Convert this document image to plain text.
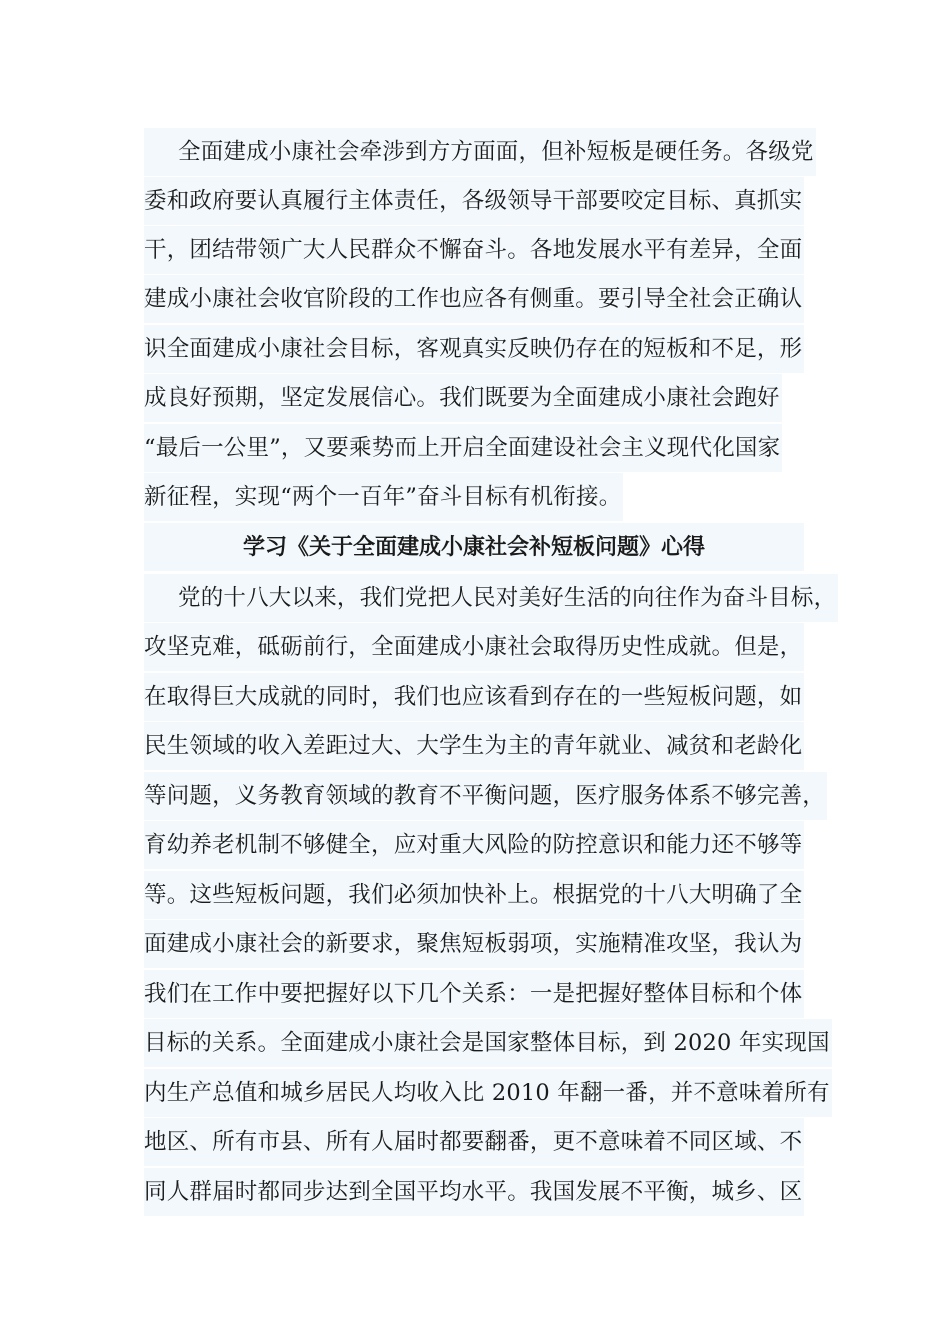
全面建成小康社会牵涉到方方面面，但补短板是硬任务。各级党
委和政府要认真履行主体责任，各级领导干部要咬定目标、真抓实
干，团结带领广大人民群众不懈奋斗。各地发展水平有差异，全面
建成小康社会收官阶段的工作也应各有侧重。要引导全社会正确认
识全面建成小康社会目标，客观真实反映仍存在的短板和不足，形
成良好预期，坚定发展信心。我们既要为全面建成小康社会跑好
“最后一公里”，又要乘势而上开启全面建设社会主义现代化国家
新征程，实现“两个一百年”奋斗目标有机衔接。
学习《关于全面建成小康社会补短板问题》心得
党的十八大以来，我们党把人民对美好生活的向往作为奋斗目标，
攻坚克难，砥砺前行，全面建成小康社会取得历史性成就。但是，
在取得巨大成就的同时，我们也应该看到存在的一些短板问题，如
民生领域的收入差距过大、大学生为主的青年就业、减贫和老龄化
等问题，义务教育领域的教育不平衡问题，医疗服务体系不够完善，
育幼养老机制不够健全，应对重大风险的防控意识和能力还不够等
等。这些短板问题，我们必须加快补上。根据党的十八大明确了全
面建成小康社会的新要求，聚焦短板弱项，实施精准攻坚，我认为
我们在工作中要把握好以下几个关系：一是把握好整体目标和个体
目标的关系。全面建成小康社会是国家整体目标，到 2020 年实现国
内生产总值和城乡居民人均收入比 2010 年翻一番，并不意味着所有
地区、所有市县、所有人届时都要翻番，更不意味着不同区域、不
同人群届时都同步达到全国平均水平。我国发展不平衡，城乡、区
